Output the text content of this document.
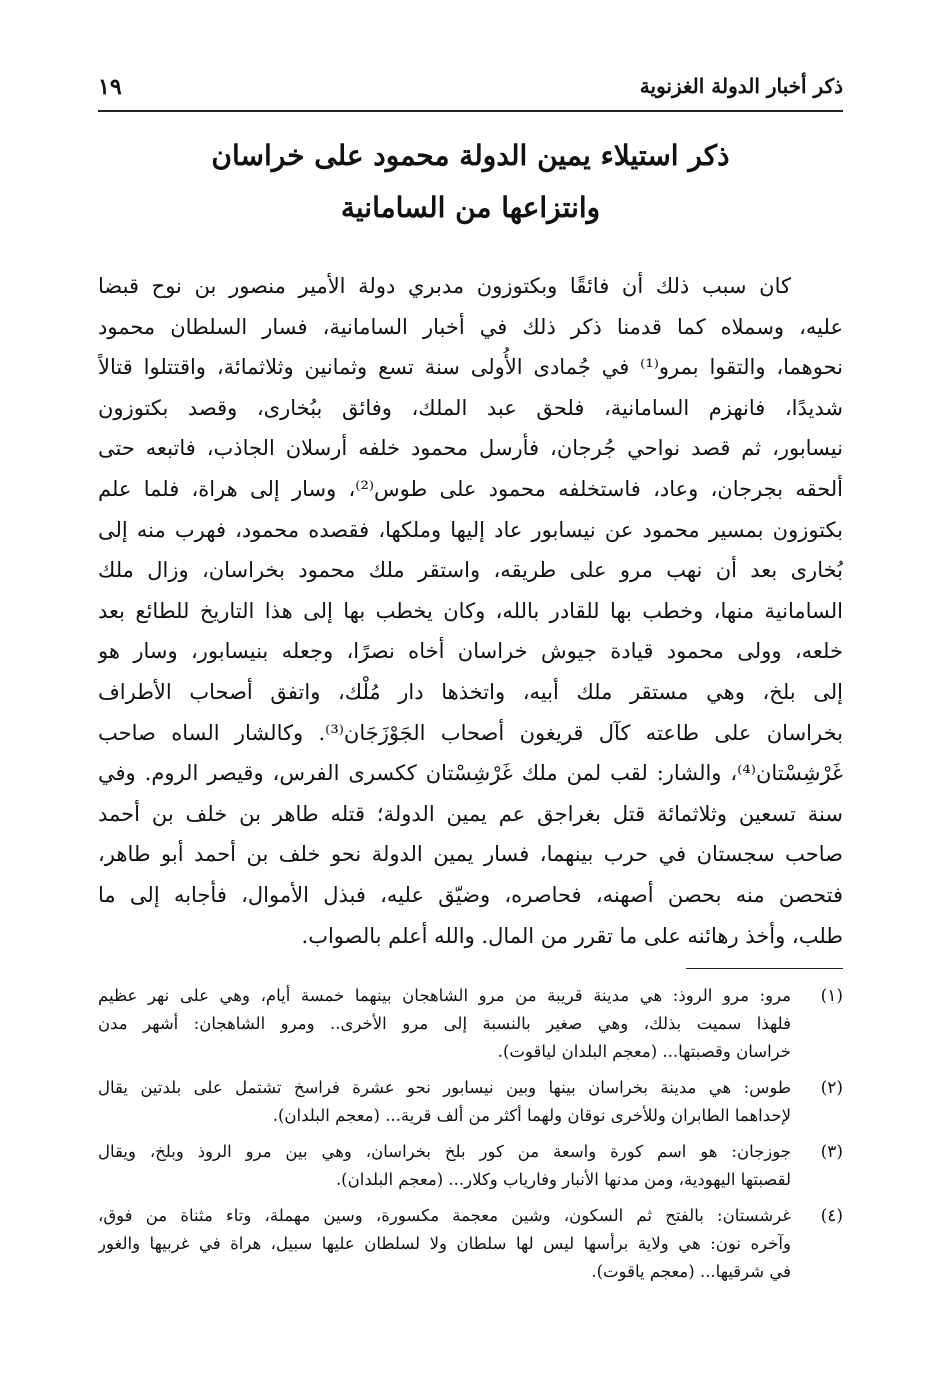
ذكر أخبار الدولة الغزنوية
١٩
ذكر استيلاء يمين الدولة محمود على خراسان
وانتزاعها من السامانية
كان سبب ذلك أن فائقًا وبكتوزون مدبري دولة الأمير منصور بن نوح قبضا
عليه، وسملاه كما قدمنا ذكر ذلك في أخبار السامانية، فسار السلطان محمود
نحوهما، والتقوا بمرو⁽¹⁾ في جُمادى الأُولى سنة تسع وثمانين وثلاثمائة، واقتتلوا قتالاً
شديدًا، فانهزم السامانية، فلحق عبد الملك، وفائق ببُخارى، وقصد بكتوزون
نيسابور، ثم قصد نواحي جُرجان، فأرسل محمود خلفه أرسلان الجاذب، فاتبعه حتى
ألحقه بجرجان، وعاد، فاستخلفه محمود على طوس⁽²⁾، وسار إلى هراة، فلما علم
بكتوزون بمسير محمود عن نيسابور عاد إليها وملكها، فقصده محمود، فهرب منه إلى
بُخارى بعد أن نهب مرو على طريقه، واستقر ملك محمود بخراسان، وزال ملك
السامانية منها، وخطب بها للقادر بالله، وكان يخطب بها إلى هذا التاريخ للطائع بعد
خلعه، وولى محمود قيادة جيوش خراسان أخاه نصرًا، وجعله بنيسابور، وسار هو
إلى بلخ، وهي مستقر ملك أبيه، واتخذها دار مُلْك، واتفق أصحاب الأطراف
بخراسان على طاعته كآل قريغون أصحاب الجَوْزَجَان⁽³⁾. وكالشار الساه صاحب
غَرْشِسْتان⁽⁴⁾، والشار: لقب لمن ملك غَرْشِسْتان ككسرى الفرس، وقيصر الروم. وفي
سنة تسعين وثلاثمائة قتل بغراجق عم يمين الدولة؛ قتله طاهر بن خلف بن أحمد
صاحب سجستان في حرب بينهما، فسار يمين الدولة نحو خلف بن أحمد أبو طاهر،
فتحصن منه بحصن أصهنه، فحاصره، وضيّق عليه، فبذل الأموال، فأجابه إلى ما
طلب، وأخذ رهائنه على ما تقرر من المال. والله أعلم بالصواب.
(١)
مرو: مرو الروذ: هي مدينة قريبة من مرو الشاهجان بينهما خمسة أيام، وهي على نهر عظيم
فلهذا سميت بذلك، وهي صغير بالنسبة إلى مرو الأخرى.. ومرو الشاهجان: أشهر مدن
خراسان وقصبتها... (معجم البلدان لياقوت).
(٢)
طوس: هي مدينة بخراسان بينها وبين نيسابور نحو عشرة فراسخ تشتمل على بلدتين يقال
لإحداهما الطابران وللأخرى نوقان ولهما أكثر من ألف قرية... (معجم البلدان).
(٣)
جوزجان: هو اسم كورة واسعة من كور بلخ بخراسان، وهي بين مرو الروذ وبلخ، ويقال
لقصبتها اليهودية، ومن مدنها الأنبار وفارياب وكلار... (معجم البلدان).
(٤)
غرشستان: بالفتح ثم السكون، وشين معجمة مكسورة، وسين مهملة، وتاء مثناة من فوق،
وآخره نون: هي ولاية برأسها ليس لها سلطان ولا لسلطان عليها سبيل، هراة في غربيها والغور
في شرقيها... (معجم ياقوت).
